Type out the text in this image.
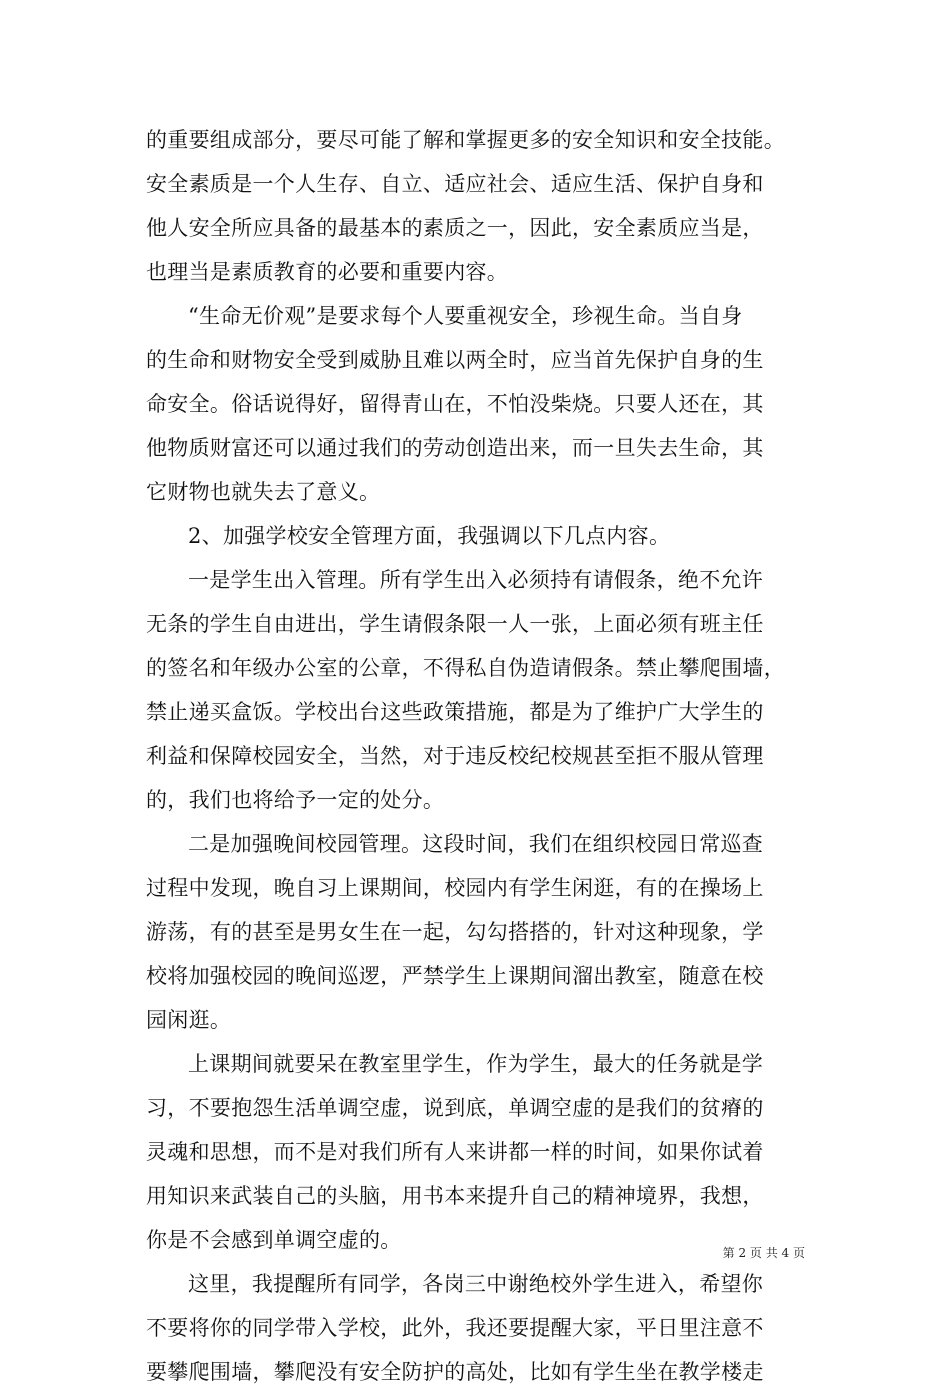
的重要组成部分，要尽可能了解和掌握更多的安全知识和安全技能。
安全素质是一个人生存、自立、适应社会、适应生活、保护自身和
他人安全所应具备的最基本的素质之一，因此，安全素质应当是，
也理当是素质教育的必要和重要内容。
“生命无价观”是要求每个人要重视安全，珍视生命。当自身
的生命和财物安全受到威胁且难以两全时，应当首先保护自身的生
命安全。俗话说得好，留得青山在，不怕没柴烧。只要人还在，其
他物质财富还可以通过我们的劳动创造出来，而一旦失去生命，其
它财物也就失去了意义。
2、加强学校安全管理方面，我强调以下几点内容。
一是学生出入管理。所有学生出入必须持有请假条，绝不允许
无条的学生自由进出，学生请假条限一人一张，上面必须有班主任
的签名和年级办公室的公章，不得私自伪造请假条。禁止攀爬围墙，
禁止递买盒饭。学校出台这些政策措施，都是为了维护广大学生的
利益和保障校园安全，当然，对于违反校纪校规甚至拒不服从管理
的，我们也将给予一定的处分。
二是加强晚间校园管理。这段时间，我们在组织校园日常巡查
过程中发现，晚自习上课期间，校园内有学生闲逛，有的在操场上
游荡，有的甚至是男女生在一起，勾勾搭搭的，针对这种现象，学
校将加强校园的晚间巡逻，严禁学生上课期间溜出教室，随意在校
园闲逛。
上课期间就要呆在教室里学生，作为学生，最大的任务就是学
习，不要抱怨生活单调空虚，说到底，单调空虚的是我们的贫瘠的
灵魂和思想，而不是对我们所有人来讲都一样的时间，如果你试着
用知识来武装自己的头脑，用书本来提升自己的精神境界，我想，
你是不会感到单调空虚的。
这里，我提醒所有同学，各岗三中谢绝校外学生进入，希望你
不要将你的同学带入学校，此外，我还要提醒大家，平日里注意不
要攀爬围墙，攀爬没有安全防护的高处，比如有学生坐在教学楼走
第 2 页 共 4 页
